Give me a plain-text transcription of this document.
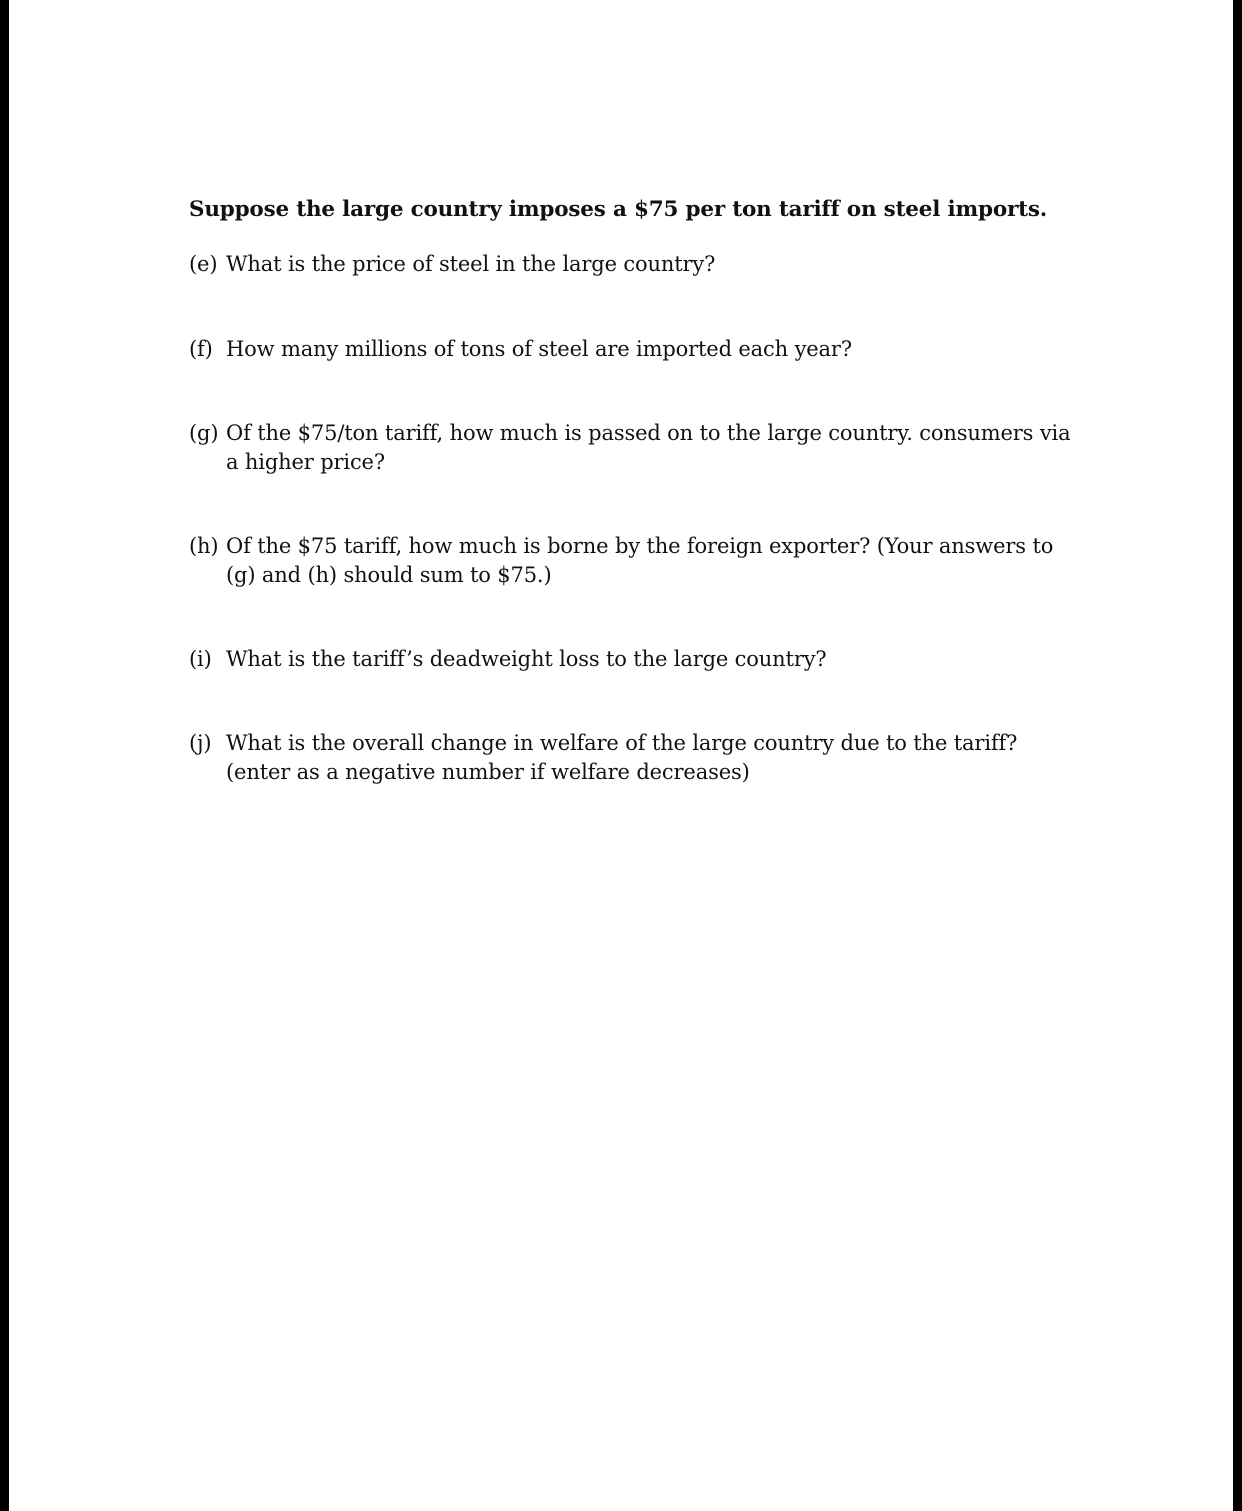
Suppose the large country imposes a $75 per ton tariff on steel imports.

(e) What is the price of steel in the large country?
(f) How many millions of tons of steel are imported each year?
(g) Of the $75/ton tariff, how much is passed on to the large country. consumers via a higher price?
(h) Of the $75 tariff, how much is borne by the foreign exporter? (Your answers to (g) and (h) should sum to $75.)
(i) What is the tariff’s deadweight loss to the large country?
(j) What is the overall change in welfare of the large country due to the tariff? (enter as a negative number if welfare decreases)
